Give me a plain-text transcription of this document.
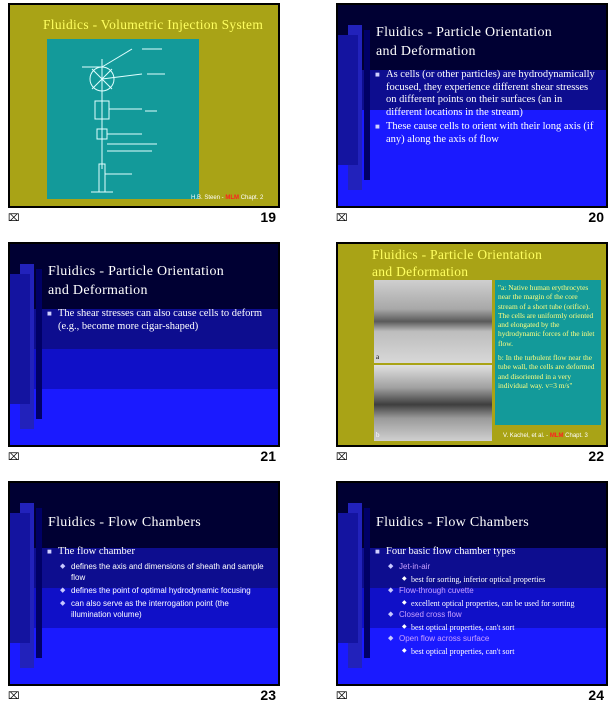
Fluidics - Volumetric Injection System
H.B. Steen - MLM Chapt. 2
⌧	19
Fluidics - Particle Orientation
and Deformation
■ As cells (or other particles) are hydrodynamically focused, they experience different shear stresses on different points on their surfaces (an in different locations in the stream)
■ These cause cells to orient with their long axis (if any) along the axis of flow
⌧	20
Fluidics - Particle Orientation
and Deformation
■ The shear stresses can also cause cells to deform (e.g., become more cigar-shaped)
⌧	21
Fluidics - Particle Orientation
and Deformation
a
b
"a: Native human erythrocytes near the margin of the core stream of a short tube (orifice). The cells are uniformly oriented and elongated by the hydrodynamic forces of the inlet flow.
b: In the turbulent flow near the tube wall, the cells are deformed and disoriented in a very individual way. v=3 m/s"
V. Kachel, et al. - MLM Chapt. 3
⌧	22
Fluidics - Flow Chambers
■ The flow chamber
◆ defines the axis and dimensions of sheath and sample flow
◆ defines the point of optimal hydrodynamic focusing
◆ can also serve as the interrogation point (the illumination volume)
⌧	23
Fluidics - Flow Chambers
■ Four basic flow chamber types
◆ Jet-in-air
◆ best for sorting, inferior optical properties
◆ Flow-through cuvette
◆ excellent optical properties, can be used for sorting
◆ Closed cross flow
◆ best optical properties, can't sort
◆ Open flow across surface
◆ best optical properties, can't sort
⌧	24
